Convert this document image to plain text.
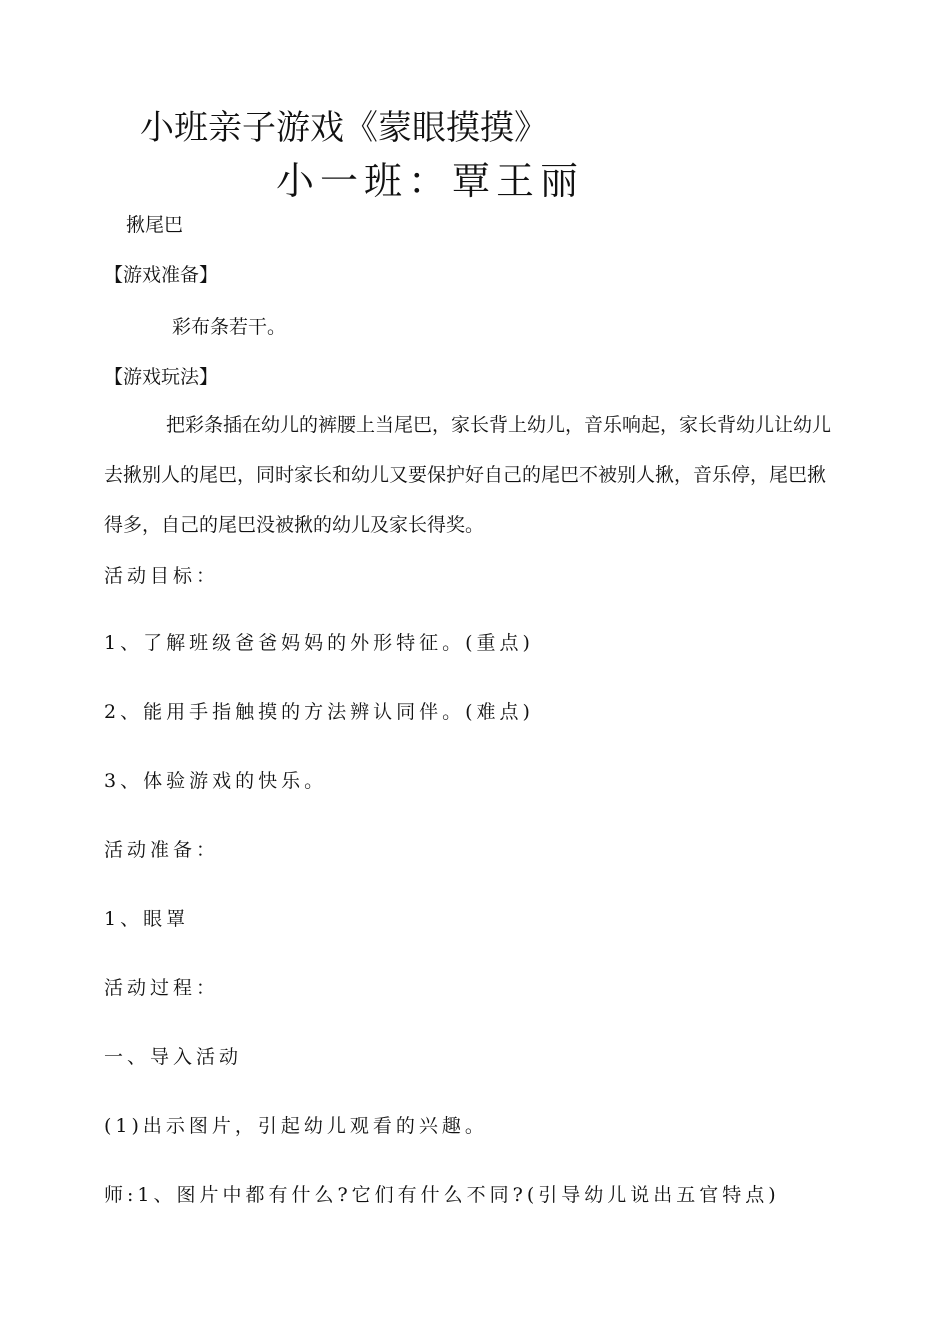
小班亲子游戏《蒙眼摸摸》
小一班：覃王丽
揪尾巴
【游戏准备】
彩布条若干。
【游戏玩法】
把彩条插在幼儿的裤腰上当尾巴，家长背上幼儿，音乐响起，家长背幼儿让幼儿
去揪别人的尾巴，同时家长和幼儿又要保护好自己的尾巴不被别人揪，音乐停，尾巴揪
得多，自己的尾巴没被揪的幼儿及家长得奖。
活动目标：
1、了解班级爸爸妈妈的外形特征。(重点)
2、能用手指触摸的方法辨认同伴。(难点)
3、体验游戏的快乐。
活动准备：
1、眼罩
活动过程：
一、导入活动
(1)出示图片，引起幼儿观看的兴趣。
师:1、图片中都有什么?它们有什么不同?(引导幼儿说出五官特点)
